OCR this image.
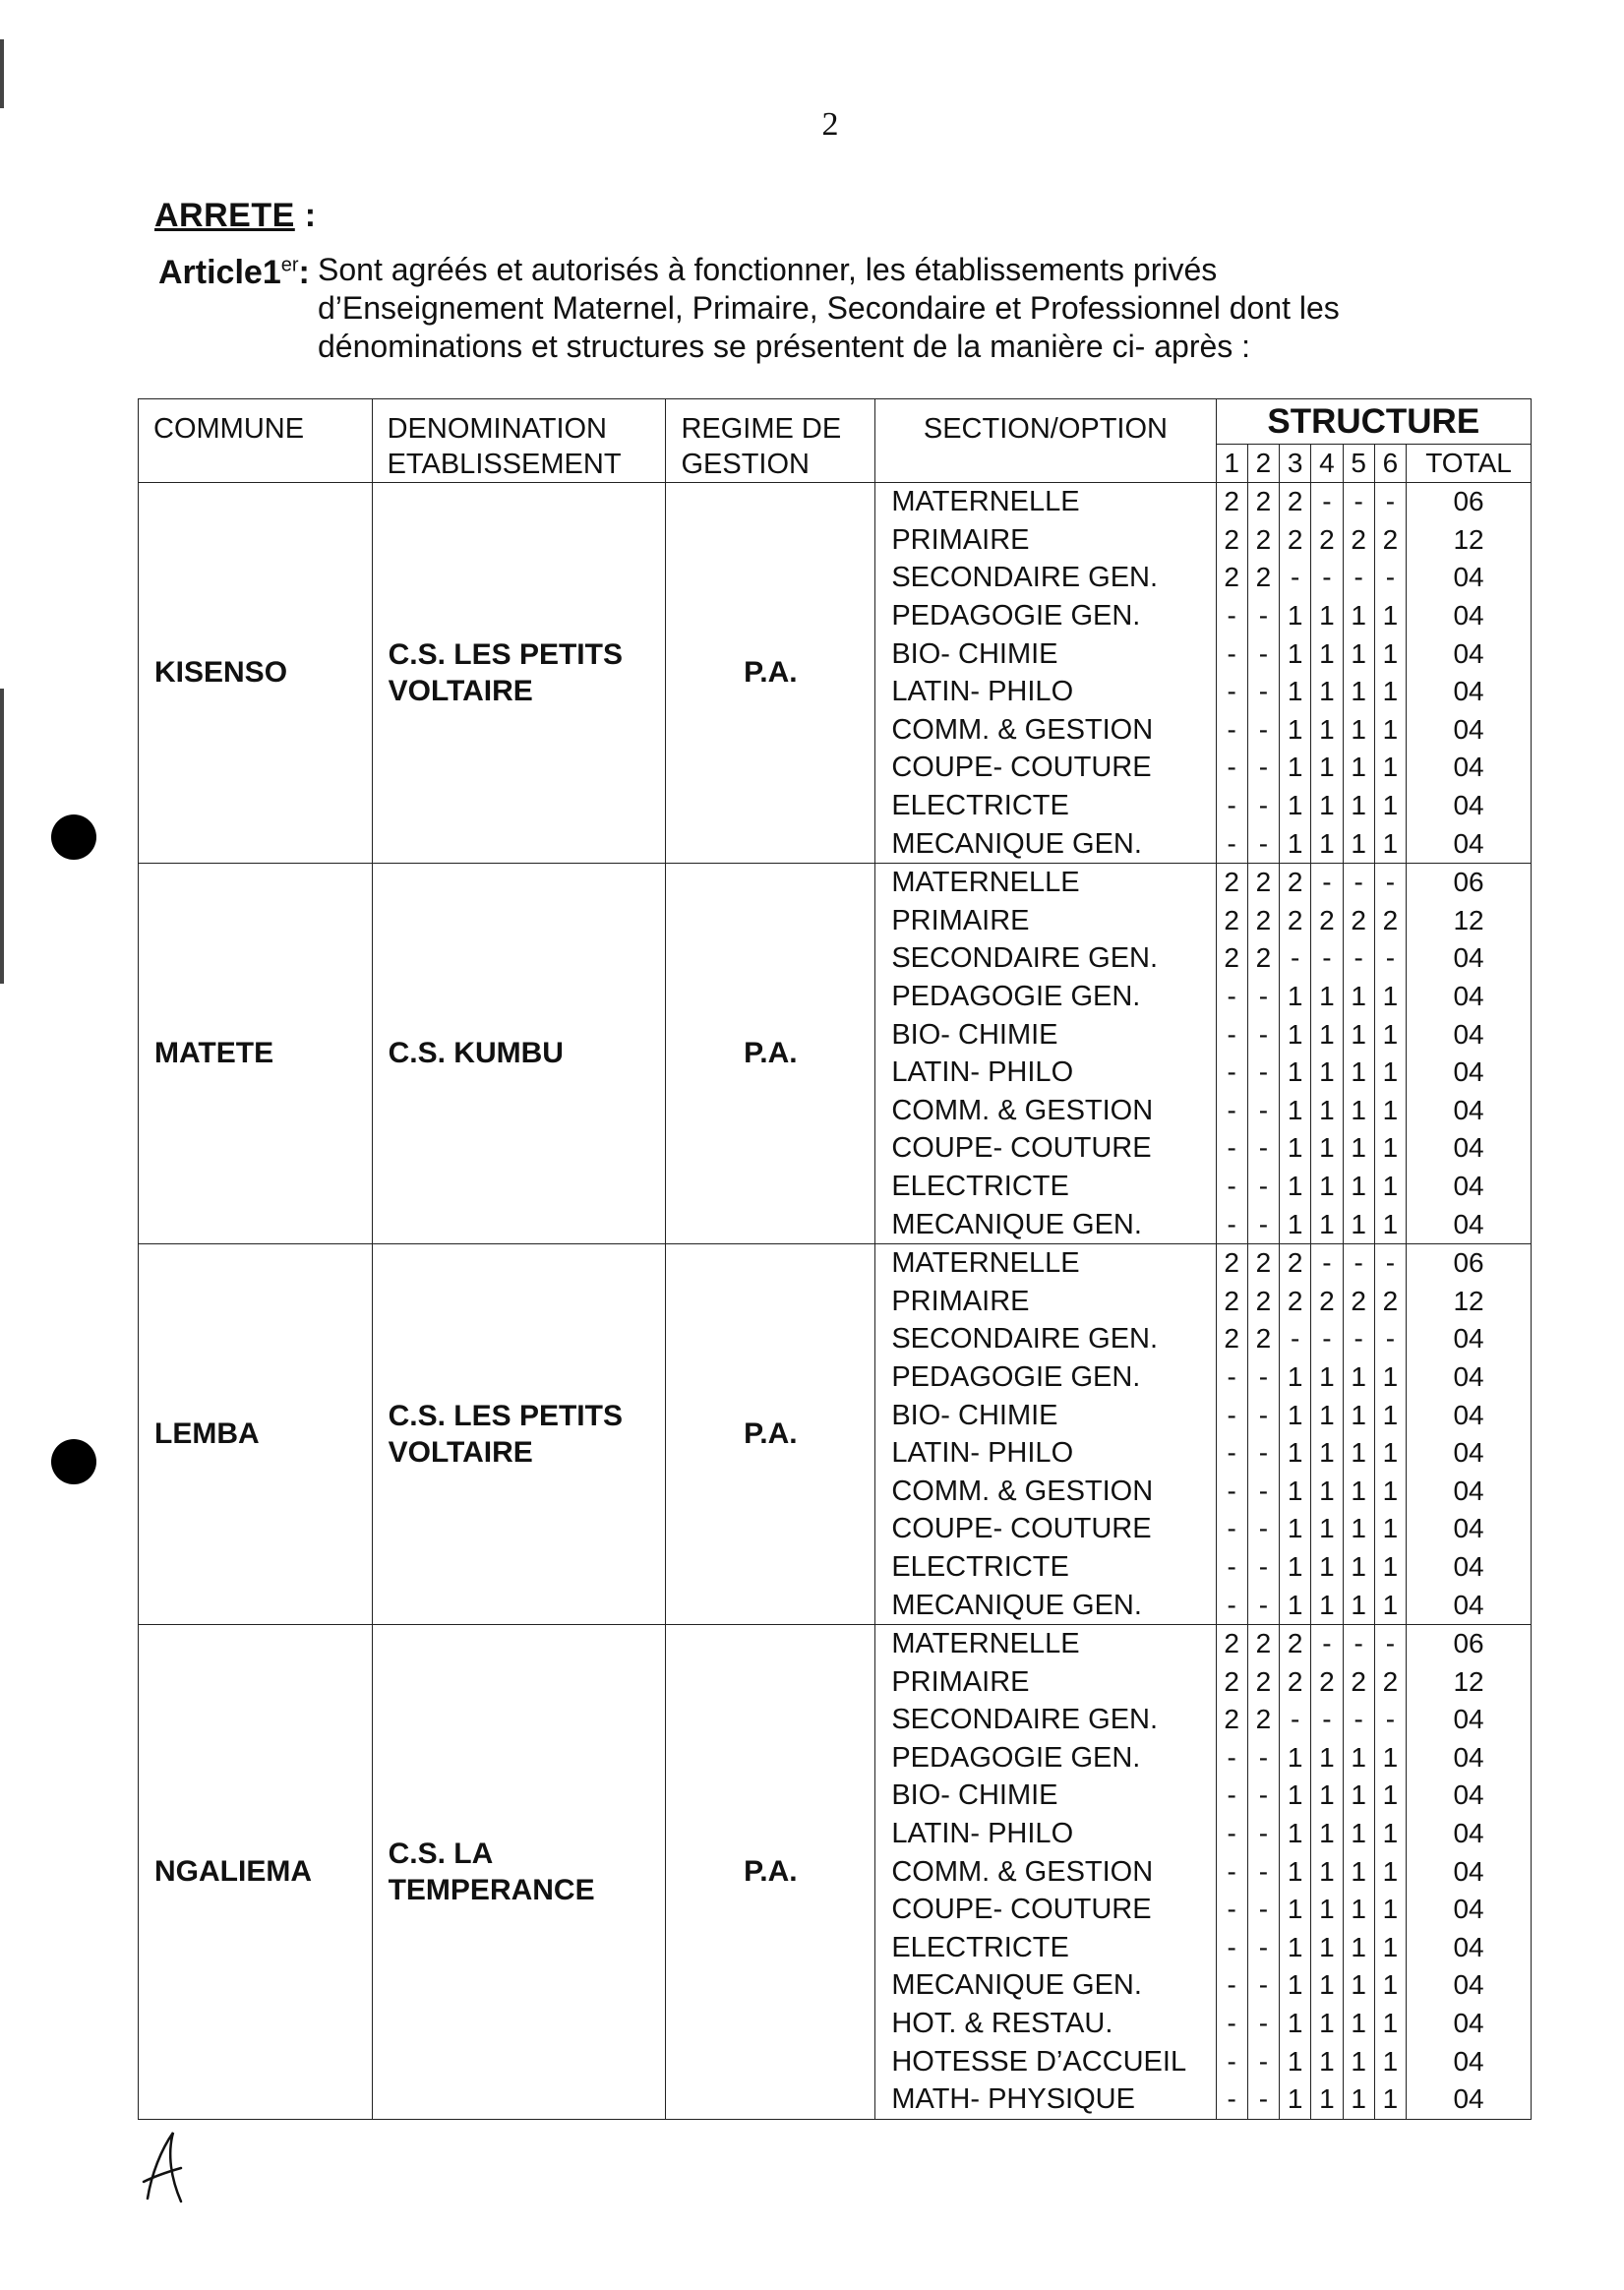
2
ARRETE :
Article1er: Sont agréés et autorisés à fonctionner, les établissements privés
d’Enseignement Maternel, Primaire, Secondaire et Professionnel dont les
dénominations et structures se présentent de la manière ci- après :
COMMUNE	DENOMINATION ETABLISSEMENT	REGIME DE GESTION	SECTION/OPTION	STRUCTURE						
				1	2	3	4	5	6	TOTAL
KISENSO	C.S. LES PETITS VOLTAIRE	P.A.	MATERNELLE	2	2	2	-	-	-	06
			PRIMAIRE	2	2	2	2	2	2	12
			SECONDAIRE GEN.	2	2	-	-	-	-	04
			PEDAGOGIE GEN.	-	-	1	1	1	1	04
			BIO- CHIMIE	-	-	1	1	1	1	04
			LATIN- PHILO	-	-	1	1	1	1	04
			COMM. & GESTION	-	-	1	1	1	1	04
			COUPE- COUTURE	-	-	1	1	1	1	04
			ELECTRICTE	-	-	1	1	1	1	04
			MECANIQUE GEN.	-	-	1	1	1	1	04
MATETE	C.S. KUMBU	P.A.	MATERNELLE	2	2	2	-	-	-	06
			PRIMAIRE	2	2	2	2	2	2	12
			SECONDAIRE GEN.	2	2	-	-	-	-	04
			PEDAGOGIE GEN.	-	-	1	1	1	1	04
			BIO- CHIMIE	-	-	1	1	1	1	04
			LATIN- PHILO	-	-	1	1	1	1	04
			COMM. & GESTION	-	-	1	1	1	1	04
			COUPE- COUTURE	-	-	1	1	1	1	04
			ELECTRICTE	-	-	1	1	1	1	04
			MECANIQUE GEN.	-	-	1	1	1	1	04
LEMBA	C.S. LES PETITS VOLTAIRE	P.A.	MATERNELLE	2	2	2	-	-	-	06
			PRIMAIRE	2	2	2	2	2	2	12
			SECONDAIRE GEN.	2	2	-	-	-	-	04
			PEDAGOGIE GEN.	-	-	1	1	1	1	04
			BIO- CHIMIE	-	-	1	1	1	1	04
			LATIN- PHILO	-	-	1	1	1	1	04
			COMM. & GESTION	-	-	1	1	1	1	04
			COUPE- COUTURE	-	-	1	1	1	1	04
			ELECTRICTE	-	-	1	1	1	1	04
			MECANIQUE GEN.	-	-	1	1	1	1	04
NGALIEMA	C.S. LA TEMPERANCE	P.A.	MATERNELLE	2	2	2	-	-	-	06
			PRIMAIRE	2	2	2	2	2	2	12
			SECONDAIRE GEN.	2	2	-	-	-	-	04
			PEDAGOGIE GEN.	-	-	1	1	1	1	04
			BIO- CHIMIE	-	-	1	1	1	1	04
			LATIN- PHILO	-	-	1	1	1	1	04
			COMM. & GESTION	-	-	1	1	1	1	04
			COUPE- COUTURE	-	-	1	1	1	1	04
			ELECTRICTE	-	-	1	1	1	1	04
			MECANIQUE GEN.	-	-	1	1	1	1	04
			HOT. & RESTAU.	-	-	1	1	1	1	04
			HOTESSE D’ACCUEIL	-	-	1	1	1	1	04
			MATH- PHYSIQUE	-	-	1	1	1	1	04
